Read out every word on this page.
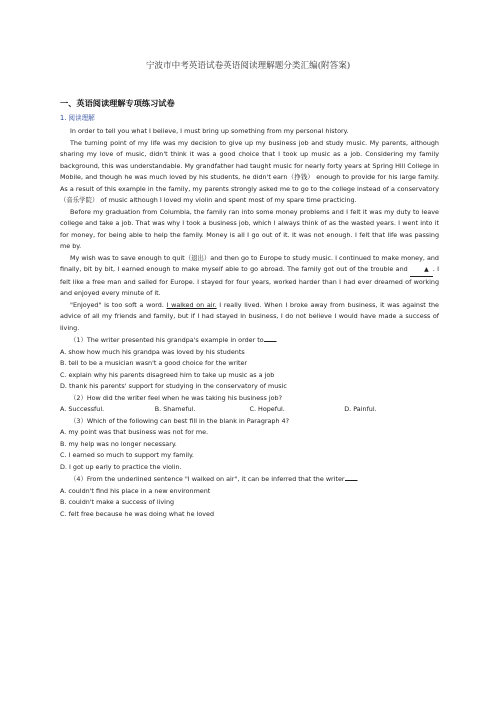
宁波市中考英语试卷英语阅读理解题分类汇编(附答案)
一、英语阅读理解专项练习试卷
1. 阅读理解

In order to tell you what I believe, I must bring up something from my personal history.

The turning point of my life was my decision to give up my business job and study music. My parents, although sharing my love of music, didn't think it was a good choice that I took up music as a job. Considering my family background, this was understandable. My grandfather had taught music for nearly forty years at Spring Hill College in Mobile, and though he was much loved by his students, he didn't earn（挣钱） enough to provide for his large family. As a result of this example in the family, my parents strongly asked me to go to the college instead of a conservatory（音乐学院） of music although I loved my violin and spent most of my spare time practicing.

Before my graduation from Columbia, the family ran into some money problems and I felt it was my duty to leave college and take a job. That was why I took a business job, which I always think of as the wasted years. I went into it for money, for being able to help the family. Money is all I go out of it. It was not enough. I felt that life was passing me by.

My wish was to save enough to quit（退出）and then go to Europe to study music. I continued to make money, and finally, bit by bit, I earned enough to make myself able to go abroad. The family got out of the trouble and ▲ . I felt like a free man and sailed for Europe. I stayed for four years, worked harder than I had ever dreamed of working and enjoyed every minute of it.

"Enjoyed" is too soft a word. I walked on air. I really lived. When I broke away from business, it was against the advice of all my friends and family, but if I had stayed in business, I do not believe I would have made a success of living.

（1）The writer presented his grandpa's example in order to .

A. show how much his grandpa was loved by his students

B. tell to be a musician wasn't a good choice for the writer

C. explain why his parents disagreed him to take up music as a job

D. thank his parents' support for studying in the conservatory of music

（2）How did the writer feel when he was taking his business job?

A. Successful.	B. Shameful.	C. Hopeful.	D. Painful.

（3）Which of the following can best fill in the blank in Paragraph 4?

A. my point was that business was not for me.

B. my help was no longer necessary.

C. I earned so much to support my family.

D. I got up early to practice the violin.

（4）From the underlined sentence "I walked on air", it can be inferred that the writer .

A. couldn't find his place in a new environment

B. couldn't make a success of living

C. felt free because he was doing what he loved
